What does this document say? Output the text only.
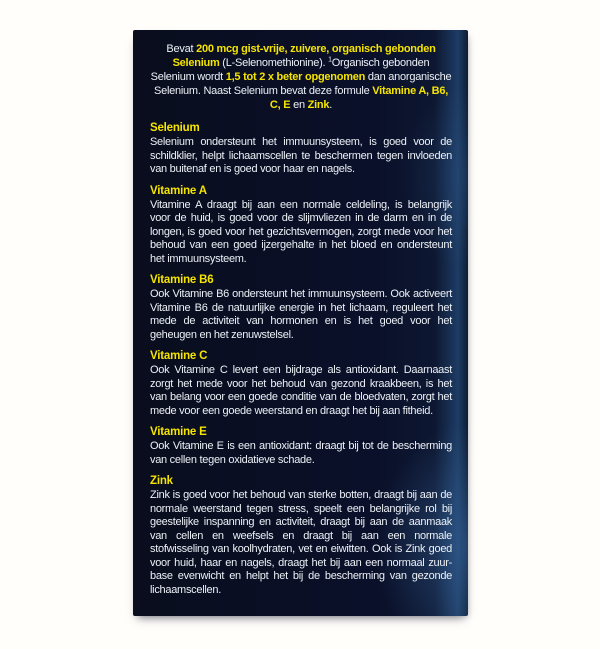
Bevat 200 mcg gist-vrije, zuivere, organisch gebonden Selenium (L-Selenomethionine). $^1$Organisch gebonden Selenium wordt 1,5 tot 2 x beter opgenomen dan anorganische Selenium. Naast Selenium bevat deze formule Vitamine A, B6, C, E en Zink.

Selenium

Selenium ondersteunt het immuunsysteem, is goed voor de schildklier, helpt lichaamscellen te beschermen tegen invloeden van buitenaf en is goed voor haar en nagels.

Vitamine A

Vitamine A draagt bij aan een normale celdeling, is belangrijk voor de huid, is goed voor de slijmvliezen in de darm en in de longen, is goed voor het gezichtsvermogen, zorgt mede voor het behoud van een goed ijzergehalte in het bloed en ondersteunt het immuunsysteem.

Vitamine B6

Ook Vitamine B6 ondersteunt het immuunsysteem. Ook activeert Vitamine B6 de natuurlijke energie in het lichaam, reguleert het mede de activiteit van hormonen en is het goed voor het geheugen en het zenuwstelsel.

Vitamine C

Ook Vitamine C levert een bijdrage als antioxidant. Daarnaast zorgt het mede voor het behoud van gezond kraakbeen, is het van belang voor een goede conditie van de bloedvaten, zorgt het mede voor een goede weerstand en draagt het bij aan fitheid.

Vitamine E

Ook Vitamine E is een antioxidant: draagt bij tot de bescherming van cellen tegen oxidatieve schade.

Zink

Zink is goed voor het behoud van sterke botten, draagt bij aan de normale weerstand tegen stress, speelt een belangrijke rol bij geestelijke inspanning en activiteit, draagt bij aan de aanmaak van cellen en weefsels en draagt bij aan een normale stofwisseling van koolhydraten, vet en eiwitten. Ook is Zink goed voor huid, haar en nagels, draagt het bij aan een normaal zuur-base evenwicht en helpt het bij de bescherming van gezonde lichaamscellen.
